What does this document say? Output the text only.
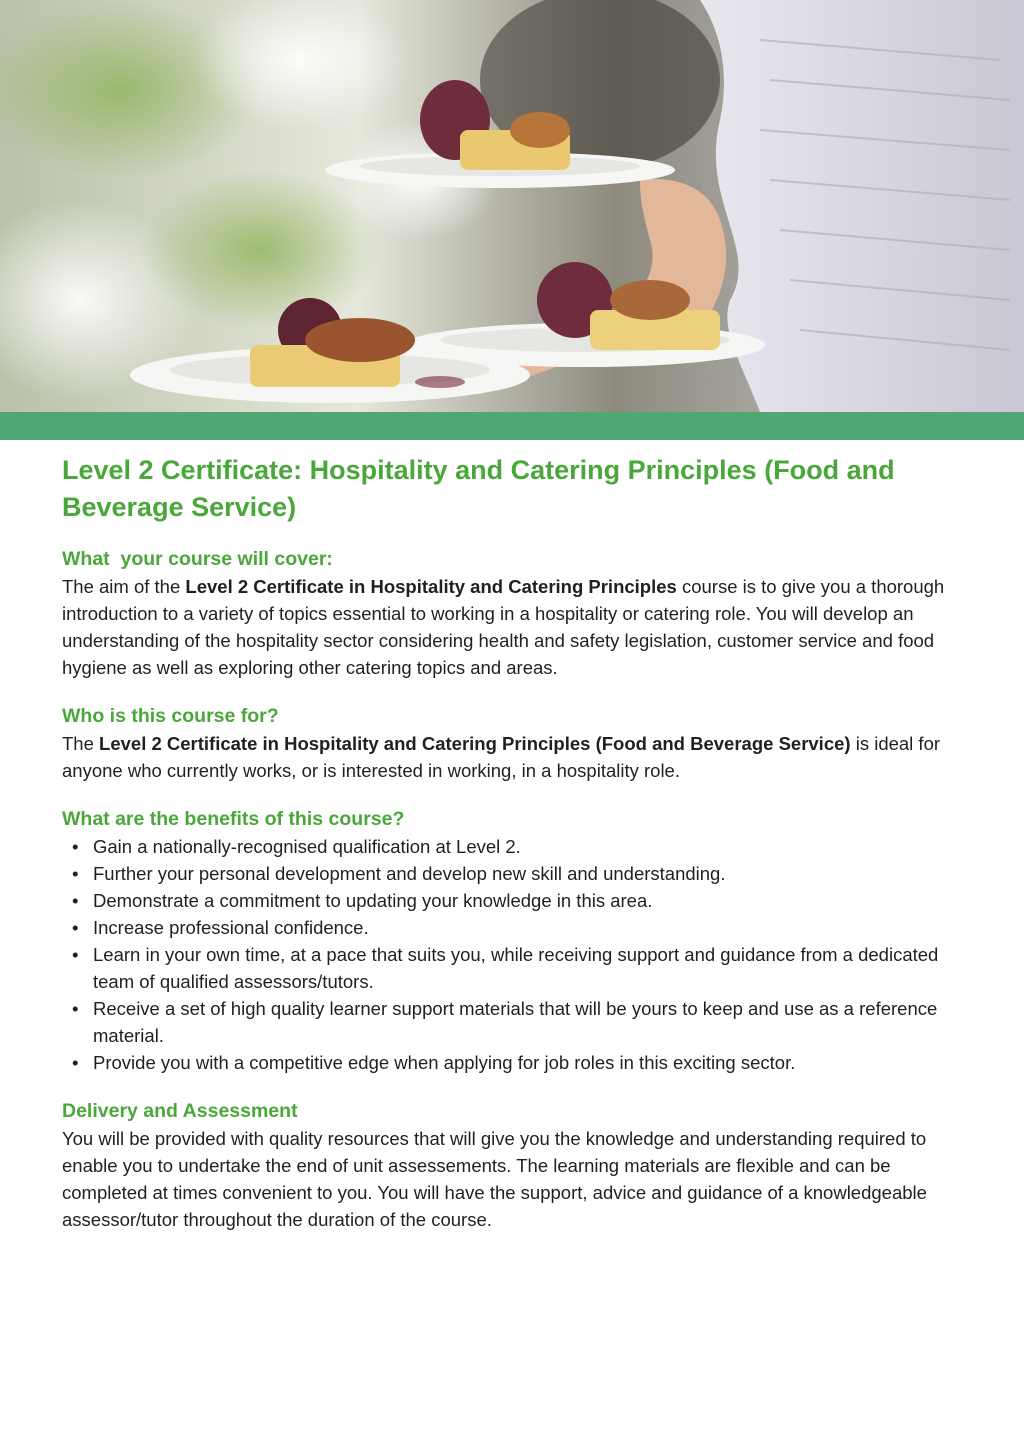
Level 2 Certificate: Hospitality and Catering Principles (Food and Beverage Service)

What  your course will cover:

The aim of the Level 2 Certificate in Hospitality and Catering Principles course is to give you a thorough introduction to a variety of topics essential to working in a hospitality or catering role. You will develop an understanding of the hospitality sector considering health and safety legislation, customer service and food hygiene as well as exploring other catering topics and areas.

Who is this course for?

The Level 2 Certificate in Hospitality and Catering Principles (Food and Beverage Service) is ideal for anyone who currently works, or is interested in working, in a hospitality role.

What are the benefits of this course?

• Gain a nationally-recognised qualification at Level 2.
• Further your personal development and develop new skill and understanding.
• Demonstrate a commitment to updating your knowledge in this area.
• Increase professional confidence.
• Learn in your own time, at a pace that suits you, while receiving support and guidance from a dedicated team of qualified assessors/tutors.
• Receive a set of high quality learner support materials that will be yours to keep and use as a reference material.
• Provide you with a competitive edge when applying for job roles in this exciting sector.

Delivery and Assessment

You will be provided with quality resources that will give you the knowledge and understanding required to enable you to undertake the end of unit assessements. The learning materials are flexible and can be completed at times convenient to you. You will have the support, advice and guidance of a knowledgeable assessor/tutor throughout the duration of the course.
